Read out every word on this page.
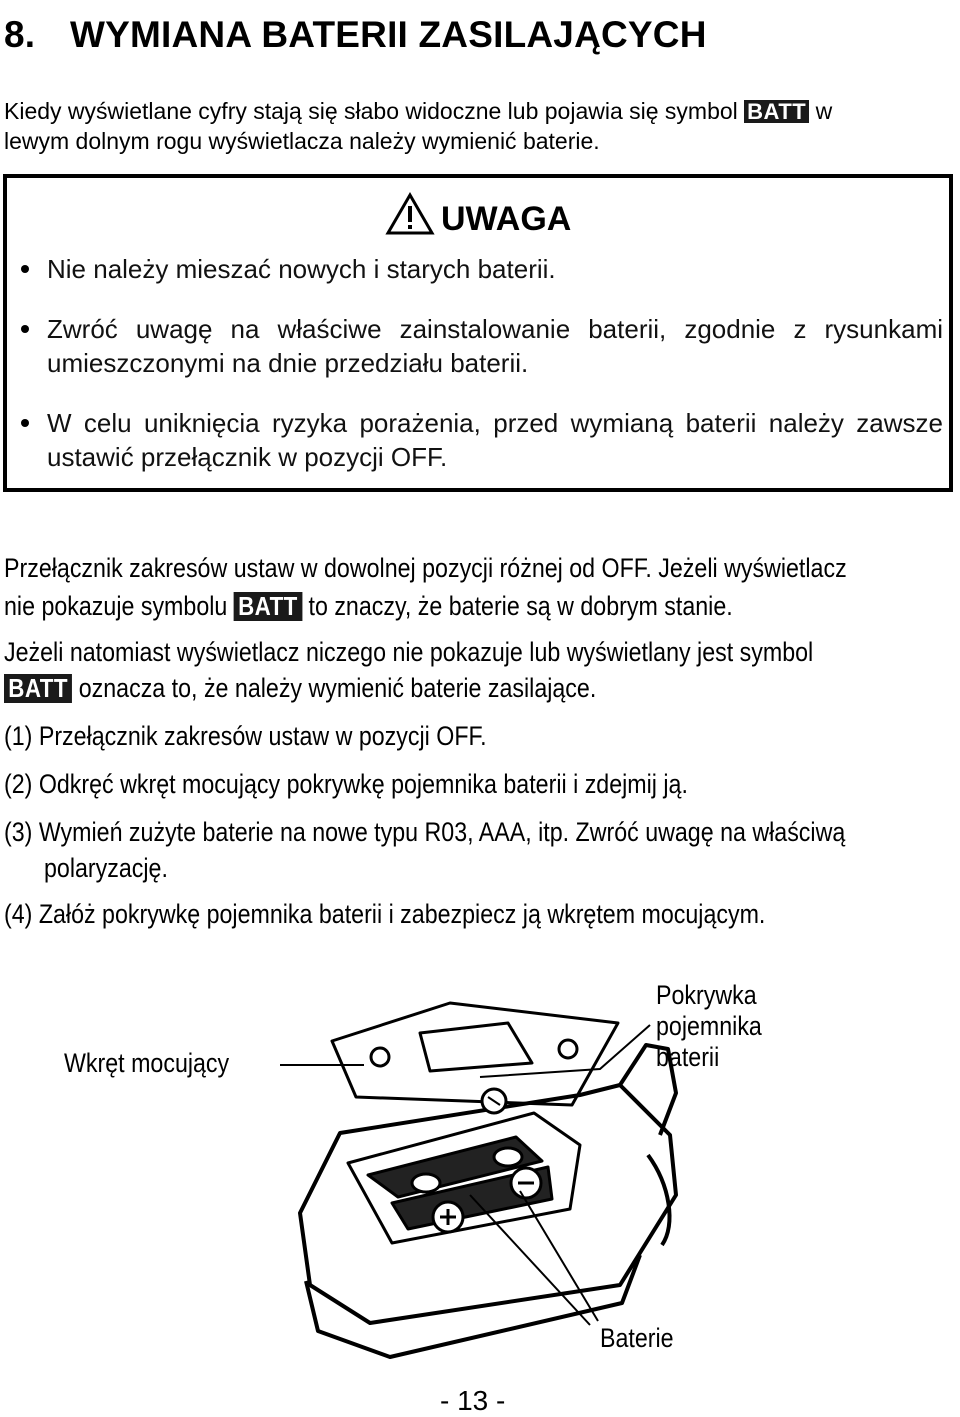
8. WYMIANA BATERII ZASILAJĄCYCH
Kiedy wyświetlane cyfry stają się słabo widoczne lub pojawia się symbol BATT w
lewym dolnym rogu wyświetlacza należy wymienić baterie.
UWAGA
Nie należy mieszać nowych i starych baterii.
Zwróć uwagę na właściwe zainstalowanie baterii, zgodnie z rysunkami umieszczonymi na dnie przedziału baterii.
W celu uniknięcia ryzyka porażenia, przed wymianą baterii należy zawsze ustawić przełącznik w pozycji OFF.
Przełącznik zakresów ustaw w dowolnej pozycji różnej od OFF. Jeżeli wyświetlacz
nie pokazuje symbolu BATT to znaczy, że baterie są w dobrym stanie.
Jeżeli natomiast wyświetlacz niczego nie pokazuje lub wyświetlany jest symbol
BATT oznacza to, że należy wymienić baterie zasilające.
(1) Przełącznik zakresów ustaw w pozycji OFF.
(2) Odkręć wkręt mocujący pokrywkę pojemnika baterii i zdejmij ją.
(3) Wymień zużyte baterie na nowe typu R03, AAA, itp. Zwróć uwagę na właściwą
polaryzację.
(4) Załóż pokrywkę pojemnika baterii i zabezpiecz ją wkrętem mocującym.
Wkręt mocujący
Pokrywka
pojemnika
baterii
Baterie
- 13 -
